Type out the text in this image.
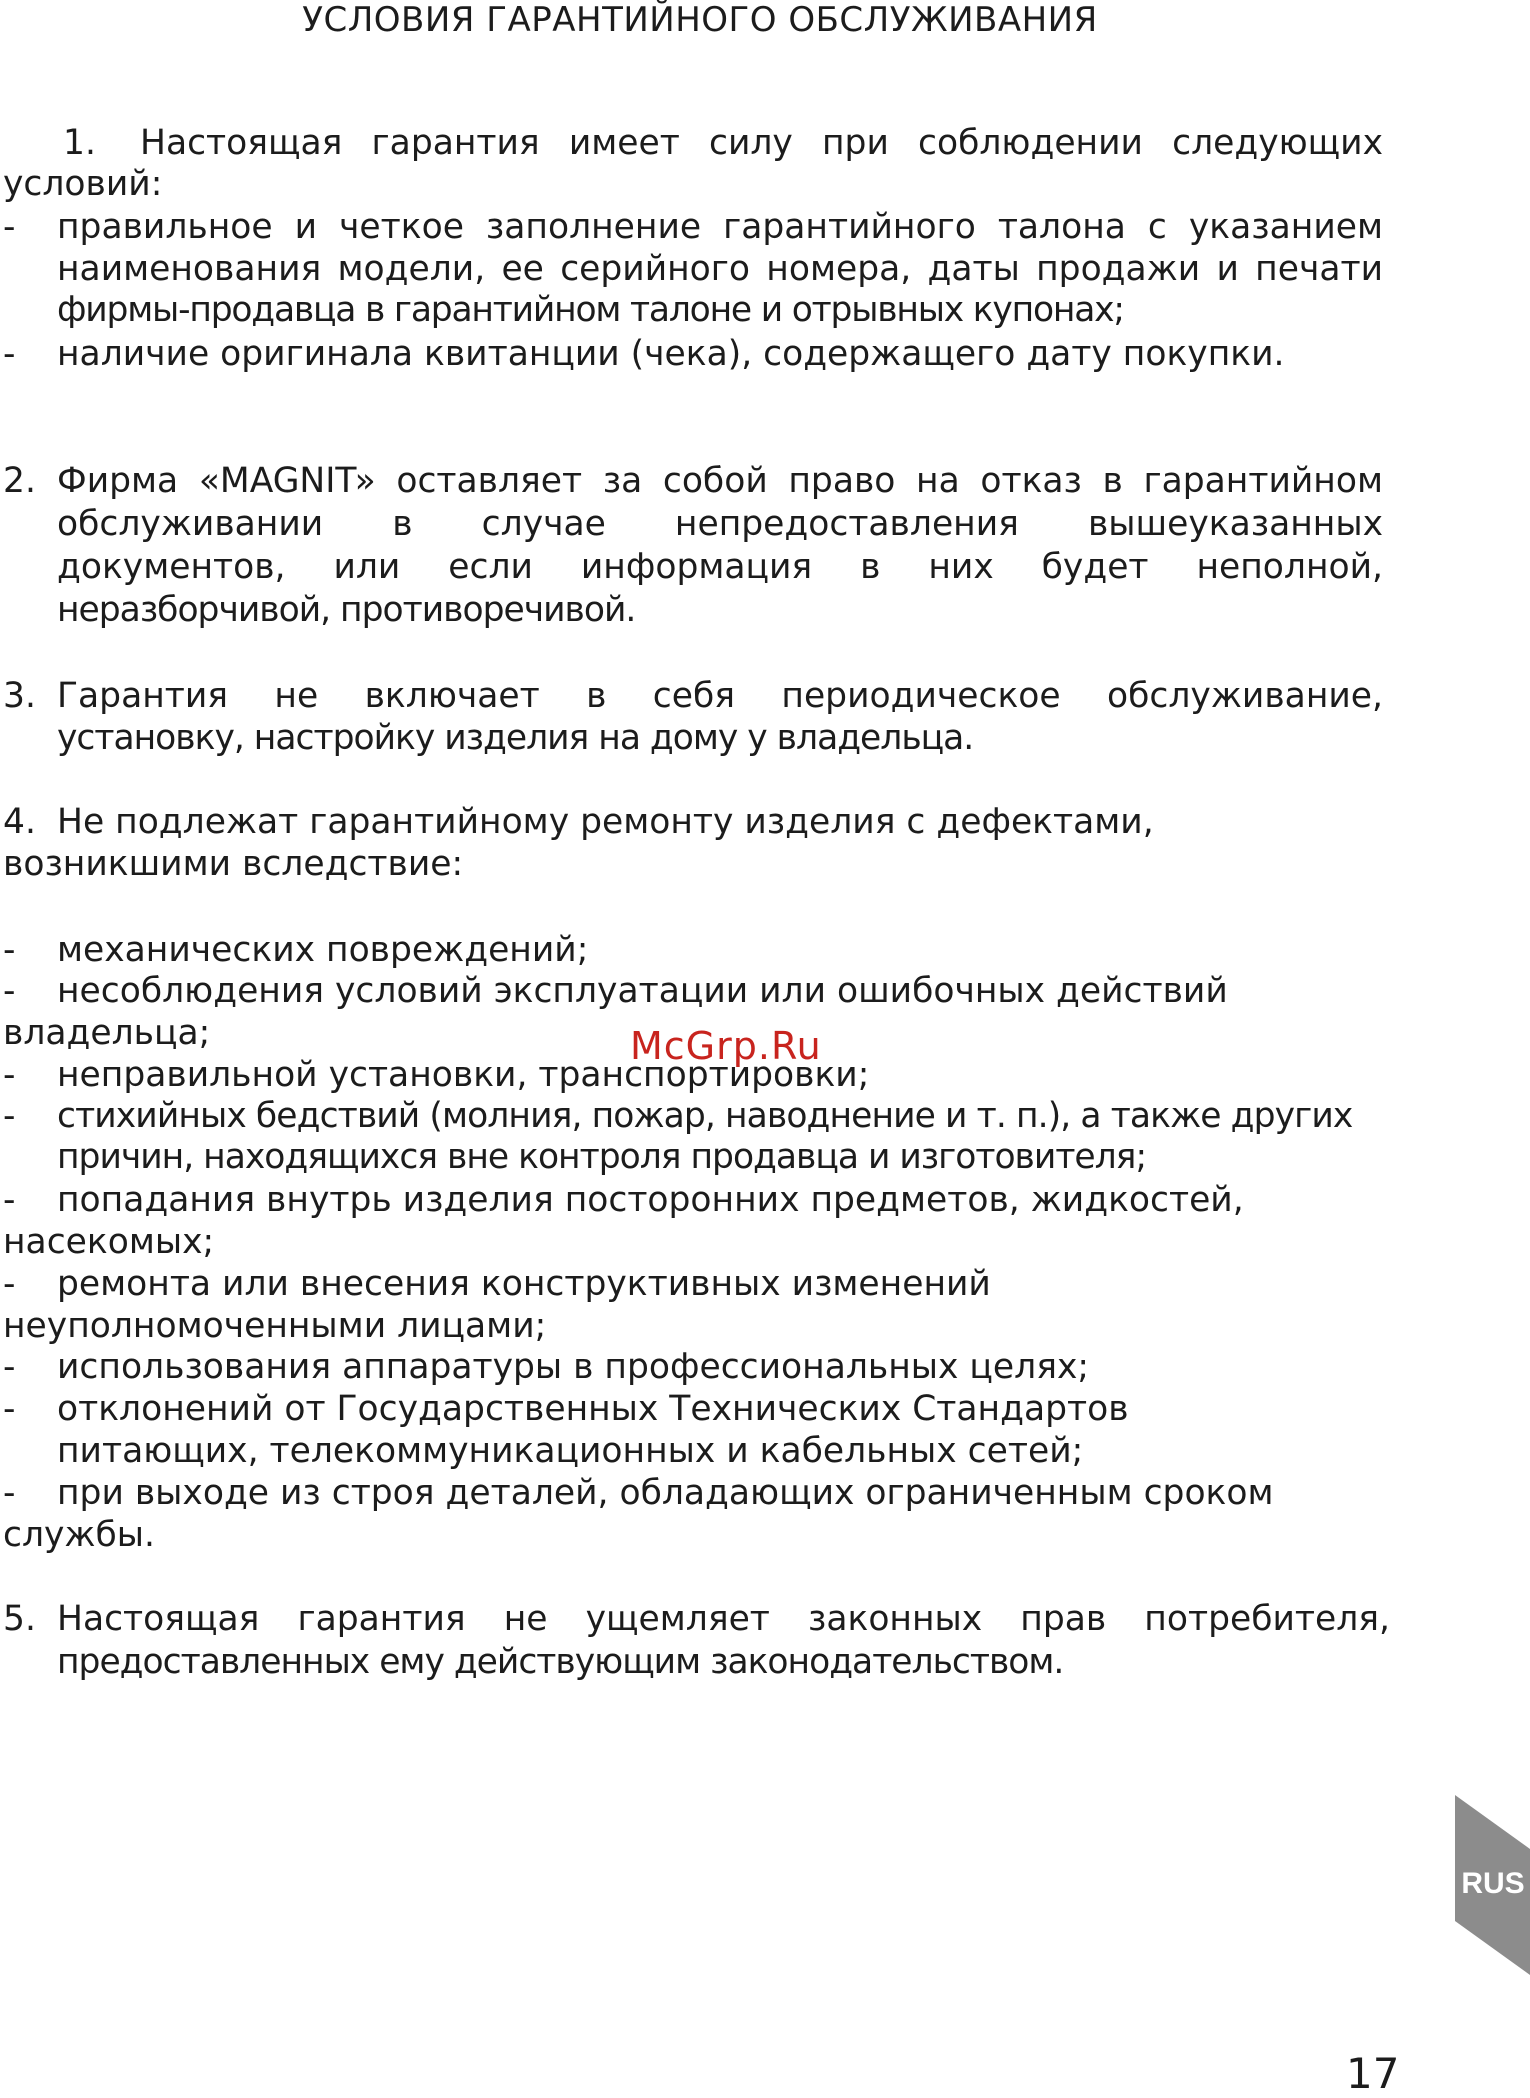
УСЛОВИЯ ГАРАНТИЙНОГО ОБСЛУЖИВАНИЯ
1. Настоящая гарантия имеет силу при соблюдении следующих
условий:
- правильное и четкое заполнение гарантийного талона с указанием
наименования модели, ее серийного номера, даты продажи и печати
фирмы-продавца в гарантийном талоне и отрывных купонах;
- наличие оригинала квитанции (чека), содержащего дату покупки.
2. Фирма «MAGNIT» оставляет за собой право на отказ в гарантийном
обслуживании в случае непредоставления вышеуказанных
документов, или если информация в них будет неполной,
неразборчивой, противоречивой.
3. Гарантия не включает в себя периодическое обслуживание,
установку, настройку изделия на дому у владельца.
4. Не подлежат гарантийному ремонту изделия с дефектами,
возникшими вследствие:
- механических повреждений;
- несоблюдения условий эксплуатации или ошибочных действий
владельца;
- неправильной установки, транспортировки;
- стихийных бедствий (молния, пожар, наводнение и т. п.), а также других
причин, находящихся вне контроля продавца и изготовителя;
- попадания внутрь изделия посторонних предметов, жидкостей,
насекомых;
- ремонта или внесения конструктивных изменений
неуполномоченными лицами;
- использования аппаратуры в профессиональных целях;
- отклонений от Государственных Технических Стандартов
питающих, телекоммуникационных и кабельных сетей;
- при выходе из строя деталей, обладающих ограниченным сроком
службы.
5. Настоящая гарантия не ущемляет законных прав потребителя,
предоставленных ему действующим законодательством.
McGrp.Ru
RUS
17
